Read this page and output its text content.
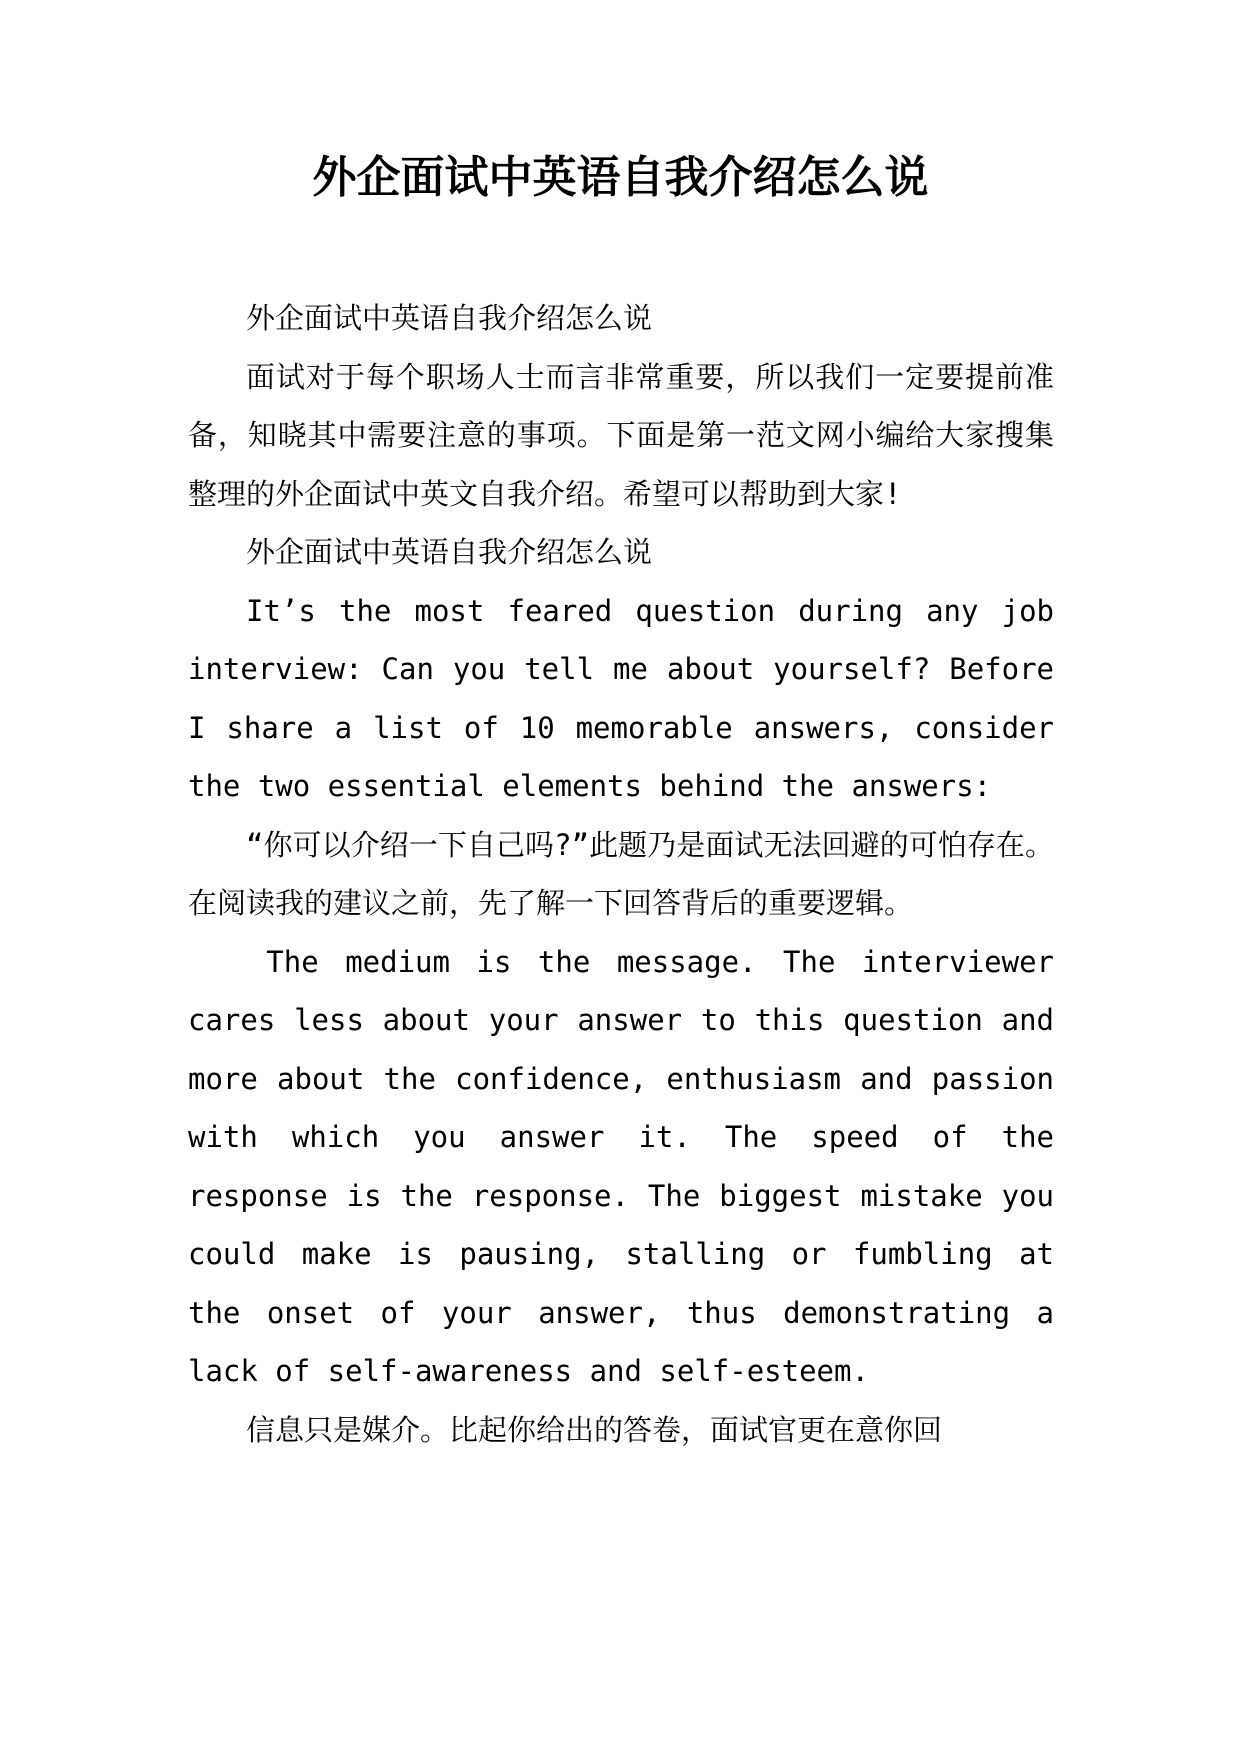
外企面试中英语自我介绍怎么说

外企面试中英语自我介绍怎么说

面试对于每个职场人士而言非常重要，所以我们一定要提前准备，知晓其中需要注意的事项。下面是第一范文网小编给大家搜集整理的外企面试中英文自我介绍。希望可以帮助到大家!

外企面试中英语自我介绍怎么说

It’s the most feared question during any job interview: Can you tell me about yourself? Before I share a list of 10 memorable answers, consider the two essential elements behind the answers:

“你可以介绍一下自己吗?”此题乃是面试无法回避的可怕存在。在阅读我的建议之前，先了解一下回答背后的重要逻辑。

The medium is the message. The interviewer cares less about your answer to this question and more about the confidence, enthusiasm and passion with which you answer it. The speed of the response is the response. The biggest mistake you could make is pausing, stalling or fumbling at the onset of your answer, thus demonstrating a lack of self-awareness and self-esteem.

信息只是媒介。比起你给出的答卷，面试官更在意你回
